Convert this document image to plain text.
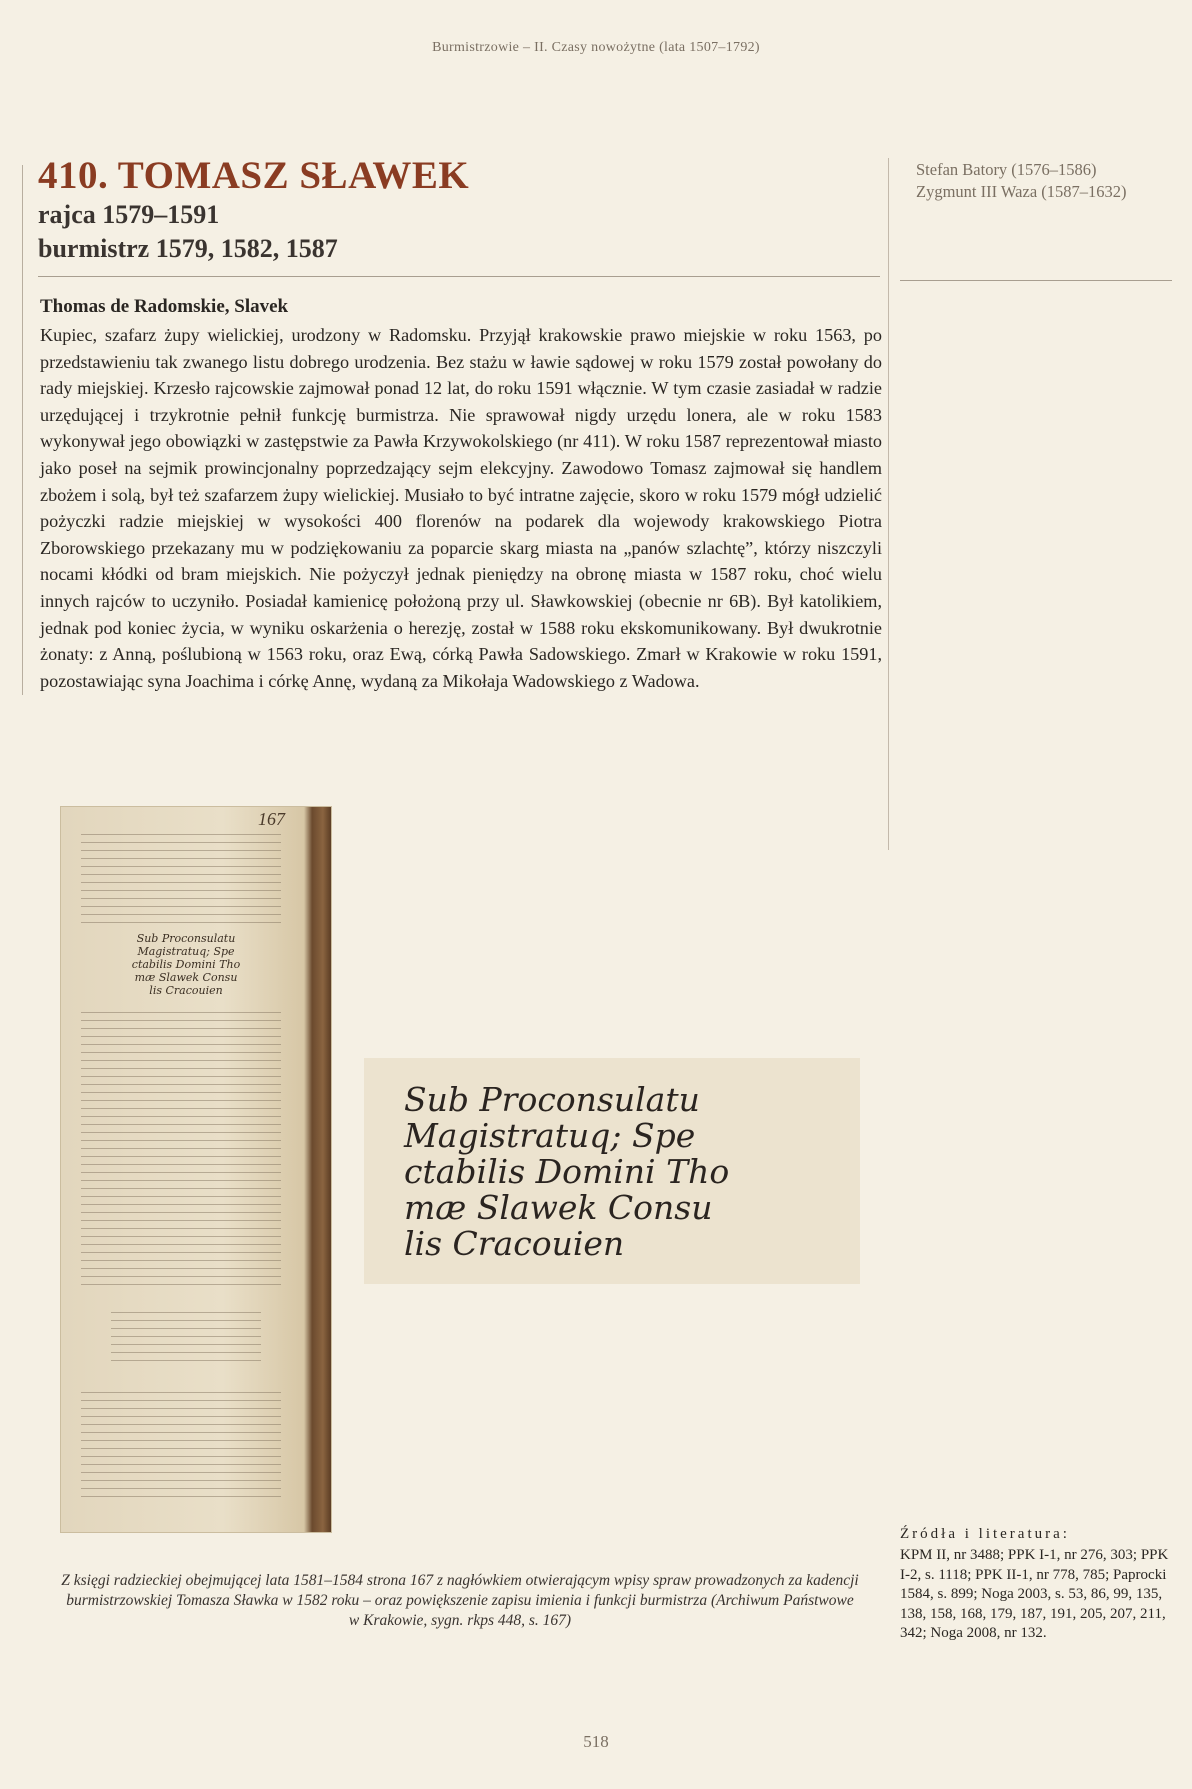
Burmistrzowie – II. Czasy nowożytne (lata 1507–1792)
410. TOMASZ SŁAWEK
rajca 1579–1591
burmistrz 1579, 1582, 1587
Stefan Batory (1576–1586)
Zygmunt III Waza (1587–1632)
Thomas de Radomskie, Slavek
Kupiec, szafarz żupy wielickiej, urodzony w Radomsku. Przyjął krakowskie prawo miejskie w roku 1563, po przedstawieniu tak zwanego listu dobrego urodzenia. Bez stażu w ławie sądowej w roku 1579 został powołany do rady miejskiej. Krzesło rajcowskie zajmował ponad 12 lat, do roku 1591 włącznie. W tym czasie zasiadał w radzie urzędującej i trzykrotnie pełnił funkcję burmistrza. Nie sprawował nigdy urzędu lonera, ale w roku 1583 wykonywał jego obowiązki w zastępstwie za Pawła Krzywokolskiego (nr 411). W roku 1587 reprezentował miasto jako poseł na sejmik prowincjonalny poprzedzający sejm elekcyjny. Zawodowo Tomasz zajmował się handlem zbożem i solą, był też szafarzem żupy wielickiej. Musiało to być intratne zajęcie, skoro w roku 1579 mógł udzielić pożyczki radzie miejskiej w wysokości 400 florenów na podarek dla wojewody krakowskiego Piotra Zborowskiego przekazany mu w podziękowaniu za poparcie skarg miasta na „panów szlachtę”, którzy niszczyli nocami kłódki od bram miejskich. Nie pożyczył jednak pieniędzy na obronę miasta w 1587 roku, choć wielu innych rajców to uczyniło. Posiadał kamienicę położoną przy ul. Sławkowskiej (obecnie nr 6B). Był katolikiem, jednak pod koniec życia, w wyniku oskarżenia o herezję, został w 1588 roku ekskomunikowany. Był dwukrotnie żonaty: z Anną, poślubioną w 1563 roku, oraz Ewą, córką Pawła Sadowskiego. Zmarł w Krakowie w roku 1591, pozostawiając syna Joachima i córkę Annę, wydaną za Mikołaja Wadowskiego z Wadowa.
167
Sub Proconsulatu
Magistratuq; Spe
ctabilis Domini Tho
mæ Slawek Consu
lis Cracouien
Sub Proconsulatu
Magistratuq; Spe
ctabilis Domini Tho
mæ Slawek Consu
lis Cracouien
Z księgi radzieckiej obejmującej lata 1581–1584 strona 167 z nagłówkiem otwierającym wpisy spraw prowadzonych za kadencji burmistrzowskiej Tomasza Sławka w 1582 roku – oraz powiększenie zapisu imienia i funkcji burmistrza (Archiwum Państwowe w Krakowie, sygn. rkps 448, s. 167)
Źródła i literatura:
KPM II, nr 3488; PPK I-1, nr 276, 303; PPK I-2, s. 1118; PPK II-1, nr 778, 785; Paprocki 1584, s. 899; Noga 2003, s. 53, 86, 99, 135, 138, 158, 168, 179, 187, 191, 205, 207, 211, 342; Noga 2008, nr 132.
518
